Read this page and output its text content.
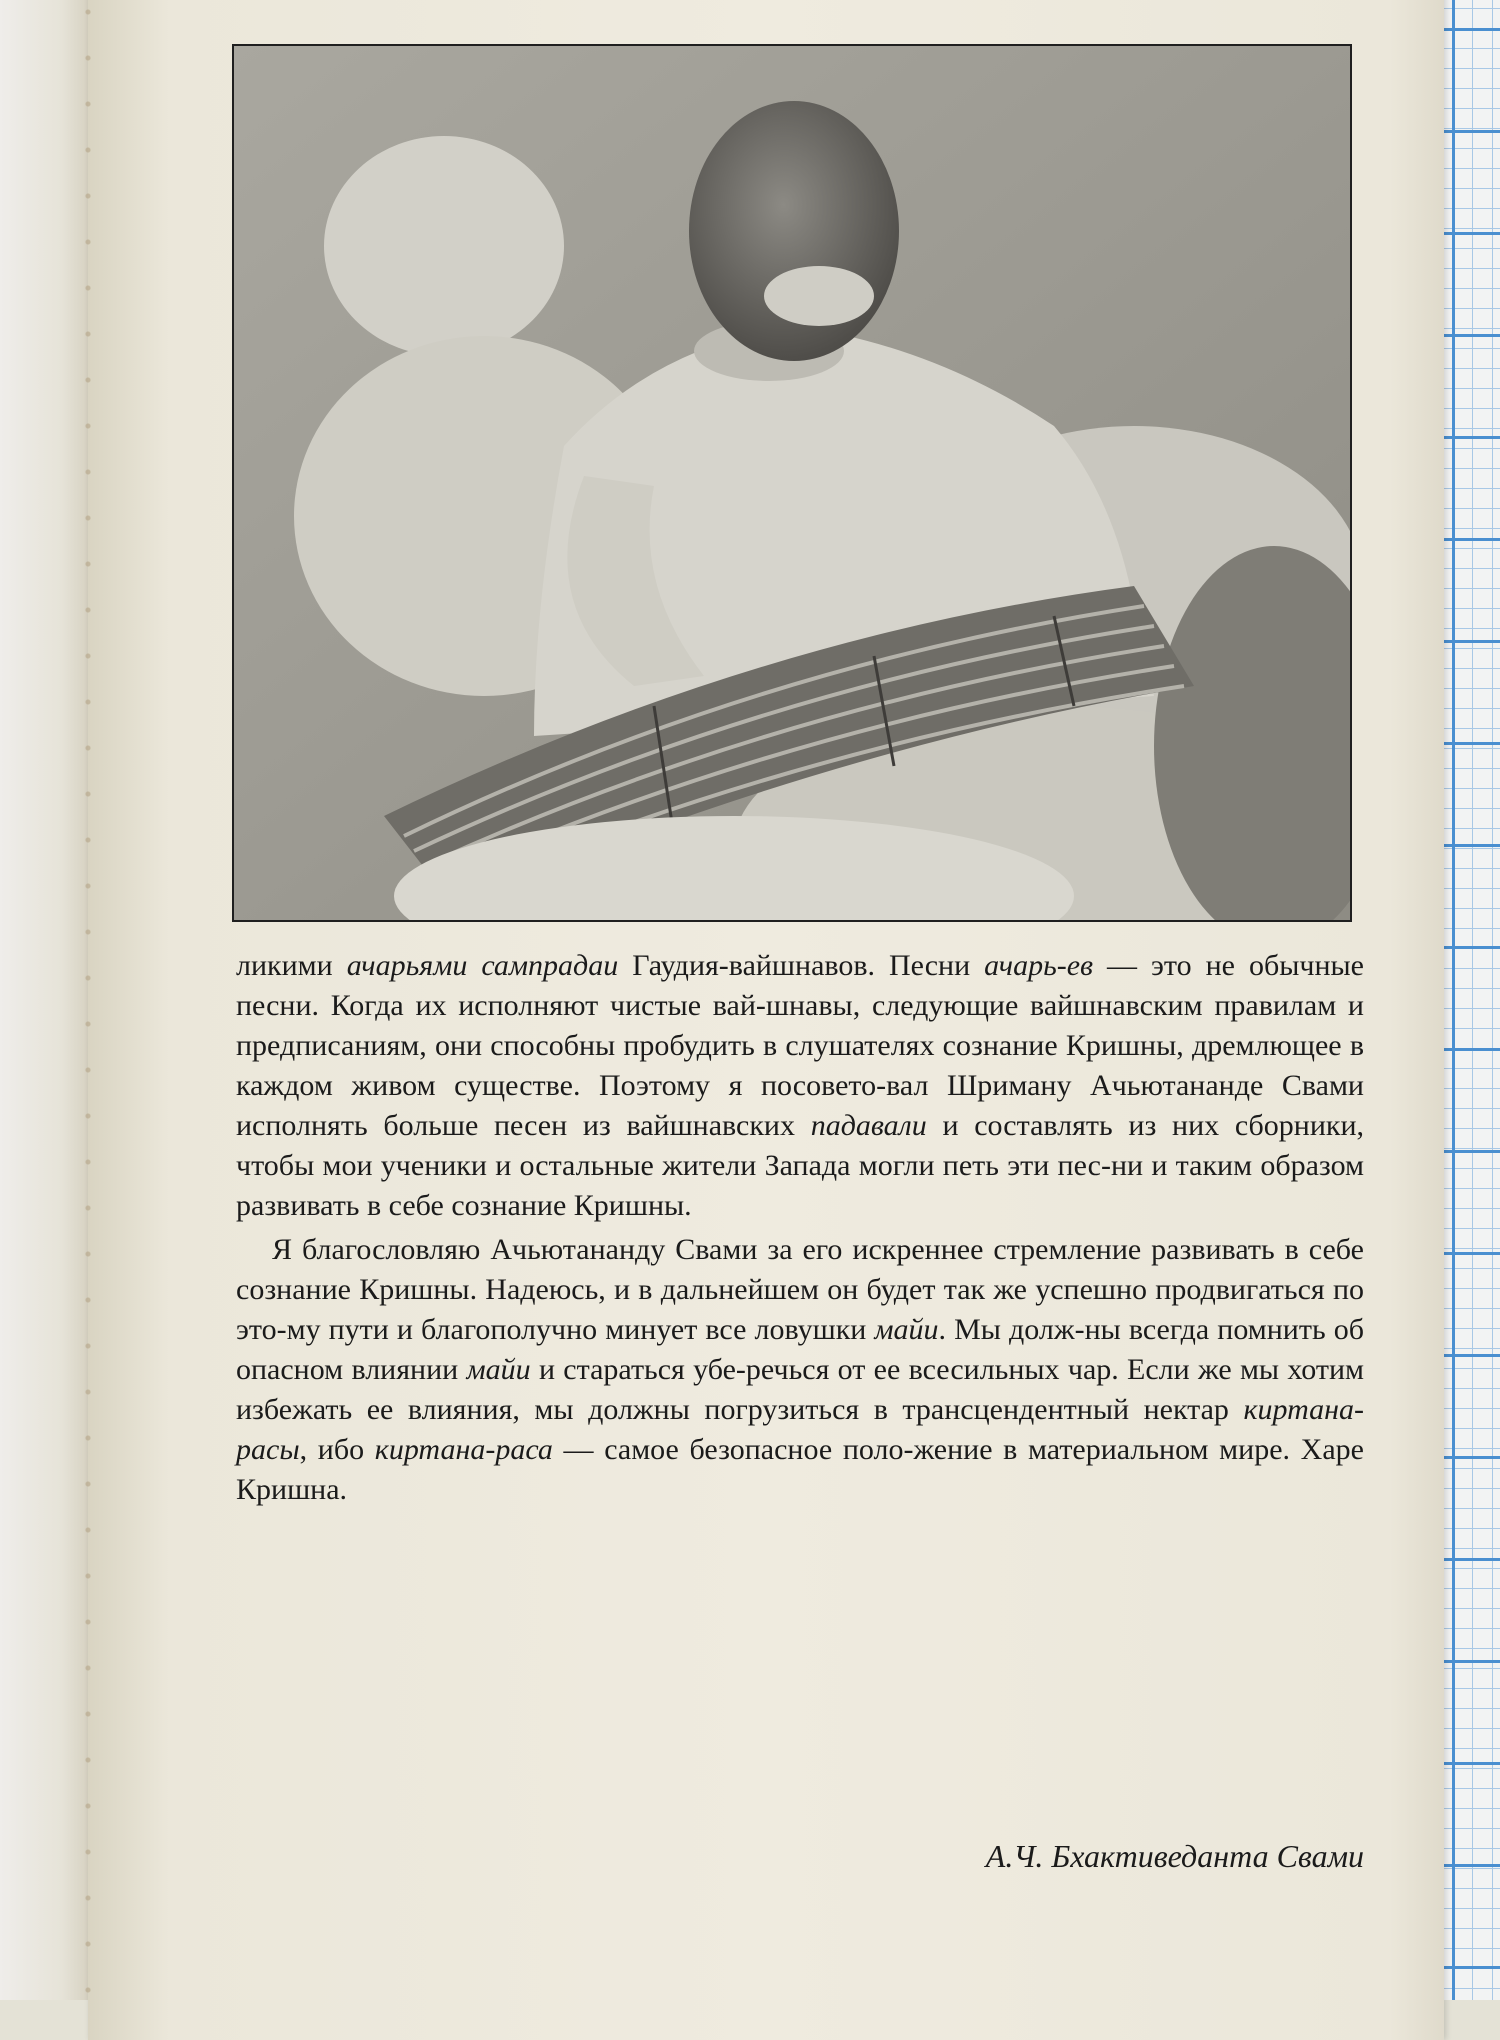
ликими ачарьями сампрадаи Гаудия-вайшнавов. Песни ачарь-ев — это не обычные песни. Когда их исполняют чистые вай-шнавы, следующие вайшнавским правилам и предписаниям, они способны пробудить в слушателях сознание Кришны, дремлющее в каждом живом существе. Поэтому я посовето-вал Шриману Ачьютананде Свами исполнять больше песен из вайшнавских падавали и составлять из них сборники, чтобы мои ученики и остальные жители Запада могли петь эти пес-ни и таким образом развивать в себе сознание Кришны.

Я благословляю Ачьютананду Свами за его искреннее стремление развивать в себе сознание Кришны. Надеюсь, и в дальнейшем он будет так же успешно продвигаться по это-му пути и благополучно минует все ловушки майи. Мы долж-ны всегда помнить об опасном влиянии майи и стараться убе-речься от ее всесильных чар. Если же мы хотим избежать ее влияния, мы должны погрузиться в трансцендентный нектар киртана-расы, ибо киртана-раса — самое безопасное поло-жение в материальном мире. Харе Кришна.

А.Ч. Бхактиведанта Свами
